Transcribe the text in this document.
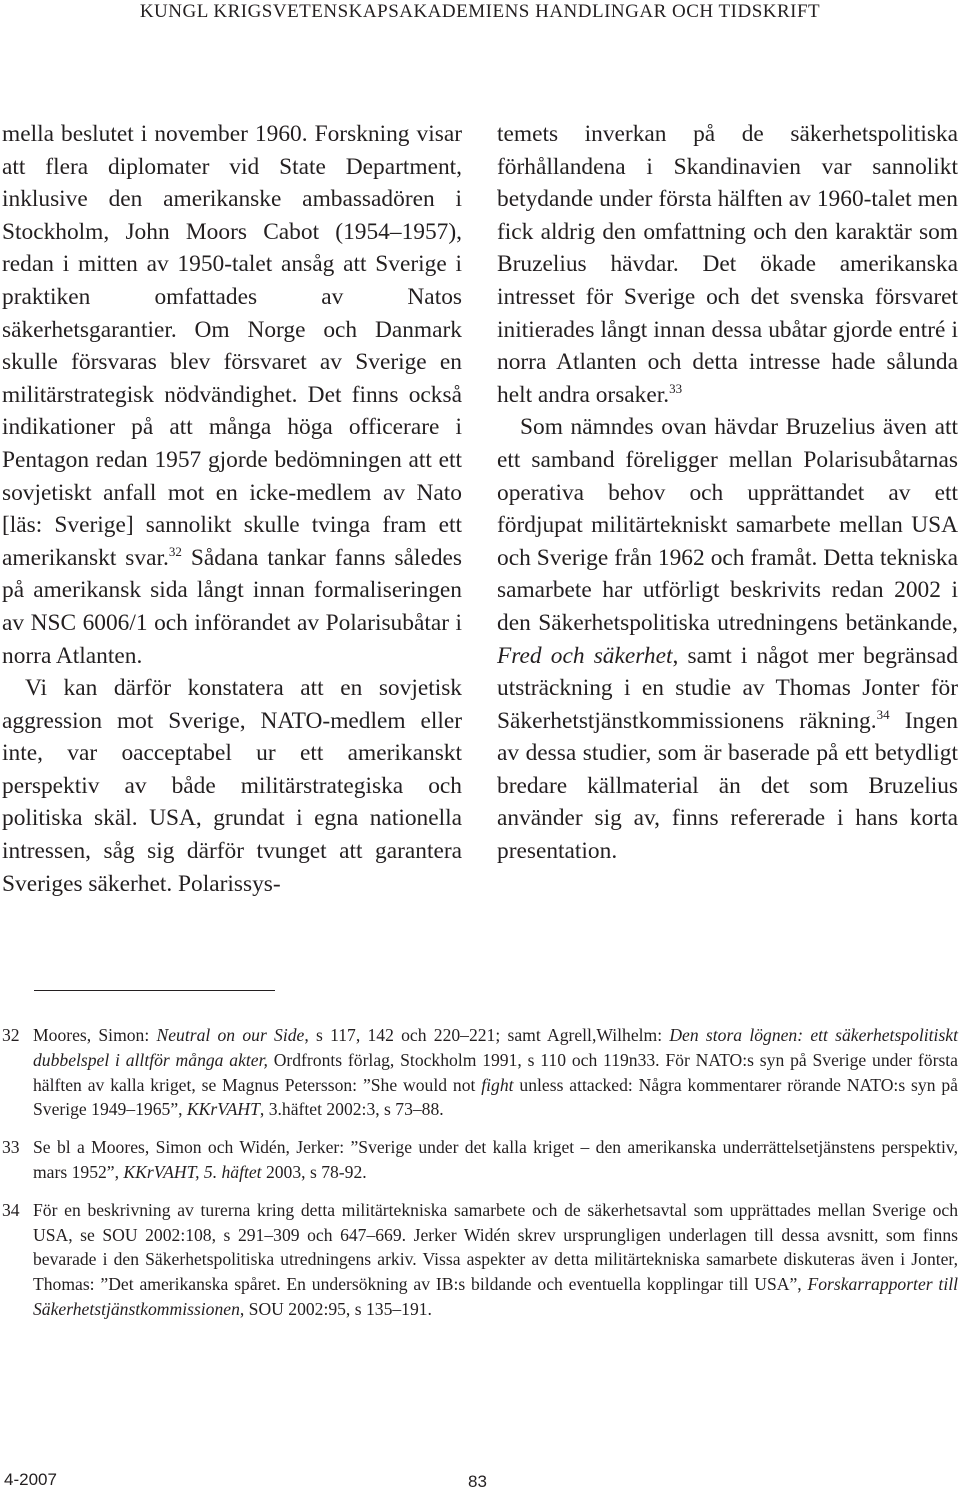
KUNGL KRIGSVETENSKAPSAKADEMIENS HANDLINGAR OCH TIDSKRIFT

mella beslutet i november 1960. Forskning visar att flera diplomater vid State Department, inklusive den amerikanske ambassadören i Stockholm, John Moors Cabot (1954–1957), redan i mitten av 1950-talet ansåg att Sverige i praktiken omfattades av Natos säkerhetsgarantier. Om Norge och Danmark skulle försvaras blev försvaret av Sverige en militärstrategisk nödvändighet. Det finns också indikationer på att många höga officerare i Pentagon redan 1957 gjorde bedömningen att ett sovjetiskt anfall mot en icke-medlem av Nato [läs: Sverige] sannolikt skulle tvinga fram ett amerikanskt svar.$^{32}$ Sådana tankar fanns således på amerikansk sida långt innan formaliseringen av NSC 6006/1 och införandet av Polarisubåtar i norra Atlanten.

Vi kan därför konstatera att en sovjetisk aggression mot Sverige, NATO-medlem eller inte, var oacceptabel ur ett amerikanskt perspektiv av både militärstrategiska och politiska skäl. USA, grundat i egna nationella intressen, såg sig därför tvunget att garantera Sveriges säkerhet. Polarissys-

temets inverkan på de säkerhetspolitiska förhållandena i Skandinavien var sannolikt betydande under första hälften av 1960-talet men fick aldrig den omfattning och den karaktär som Bruzelius hävdar. Det ökade amerikanska intresset för Sverige och det svenska försvaret initierades långt innan dessa ubåtar gjorde entré i norra Atlanten och detta intresse hade sålunda helt andra orsaker.$^{33}$

Som nämndes ovan hävdar Bruzelius även att ett samband föreligger mellan Polarisubåtarnas operativa behov och upprättandet av ett fördjupat militärtekniskt samarbete mellan USA och Sverige från 1962 och framåt. Detta tekniska samarbete har utförligt beskrivits redan 2002 i den Säkerhetspolitiska utredningens betänkande, Fred och säkerhet, samt i något mer begränsad utsträckning i en studie av Thomas Jonter för Säkerhetstjänstkommissionens räkning.$^{34}$ Ingen av dessa studier, som är baserade på ett betydligt bredare källmaterial än det som Bruzelius använder sig av, finns refererade i hans korta presentation.

32 Moores, Simon: Neutral on our Side, s 117, 142 och 220–221; samt Agrell,Wilhelm: Den stora lögnen: ett säkerhetspolitiskt dubbelspel i alltför många akter, Ordfronts förlag, Stockholm 1991, s 110 och 119n33. För NATO:s syn på Sverige under första hälften av kalla kriget, se Magnus Petersson: ”She would not fight unless attacked: Några kommentarer rörande NATO:s syn på Sverige 1949–1965”, KKrVAHT, 3.häftet 2002:3, s 73–88.
33 Se bl a Moores, Simon och Widén, Jerker: ”Sverige under det kalla kriget – den amerikanska underrättelsetjänstens perspektiv, mars 1952”, KKrVAHT, 5. häftet 2003, s 78-92.
34 För en beskrivning av turerna kring detta militärtekniska samarbete och de säkerhetsavtal som upprättades mellan Sverige och USA, se SOU 2002:108, s 291–309 och 647–669. Jerker Widén skrev ursprungligen underlagen till dessa avsnitt, som finns bevarade i den Säkerhetspolitiska utredningens arkiv. Vissa aspekter av detta militärtekniska samarbete diskuteras även i Jonter, Thomas: ”Det amerikanska spåret. En undersökning av IB:s bildande och eventuella kopplingar till USA”, Forskarrapporter till Säkerhetstjänstkommissionen, SOU 2002:95, s 135–191.
4-2007	83
